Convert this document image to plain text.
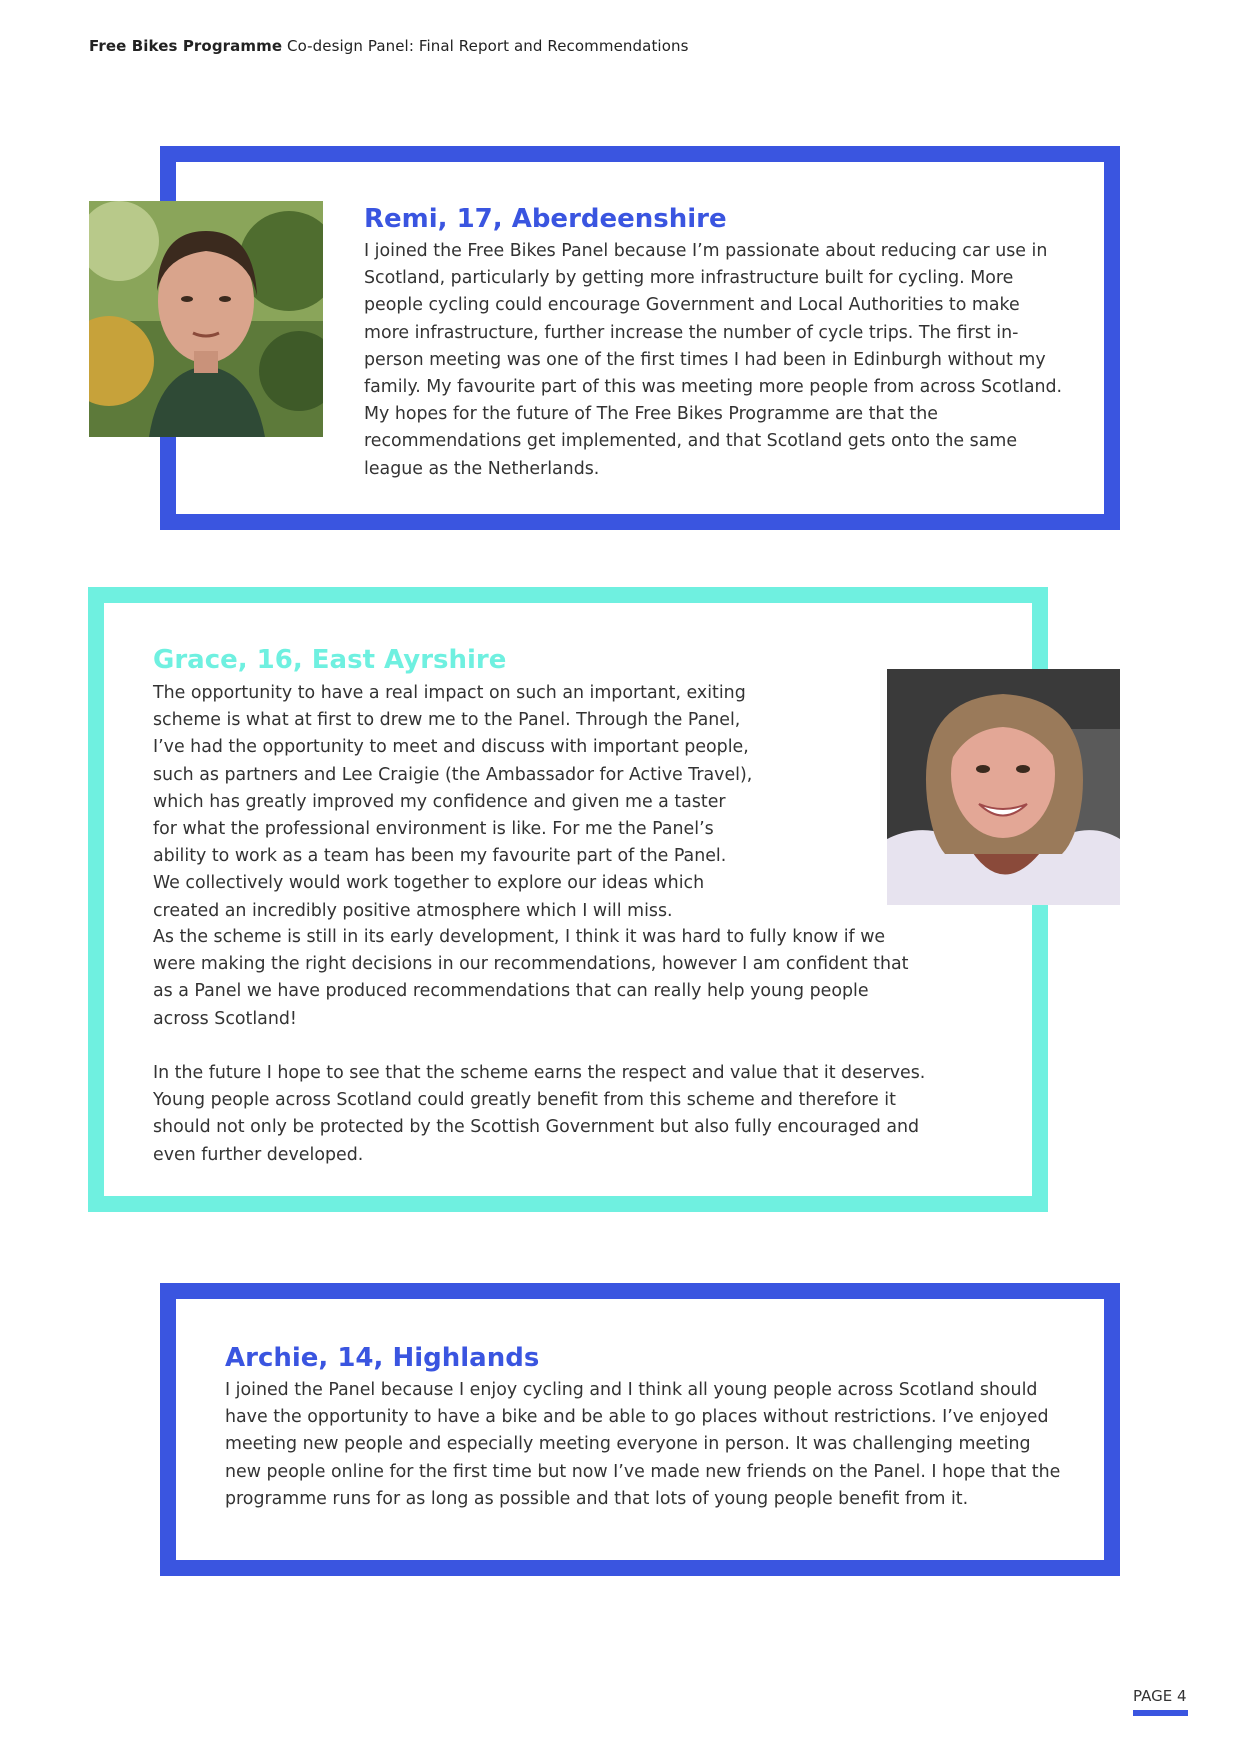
Free Bikes Programme Co-design Panel: Final Report and Recommendations
Remi, 17, Aberdeenshire

I joined the Free Bikes Panel because I’m passionate about reducing car use in Scotland, particularly by getting more infrastructure built for cycling. More people cycling could encourage Government and Local Authorities to make more infrastructure, further increase the number of cycle trips. The first in-person meeting was one of the first times I had been in Edinburgh without my family. My favourite part of this was meeting more people from across Scotland. My hopes for the future of The Free Bikes Programme are that the recommendations get implemented, and that Scotland gets onto the same league as the Netherlands.

Grace, 16, East Ayrshire

The opportunity to have a real impact on such an important, exiting scheme is what at first to drew me to the Panel. Through the Panel, I’ve had the opportunity to meet and discuss with important people, such as partners and Lee Craigie (the Ambassador for Active Travel), which has greatly improved my confidence and given me a taster for what the professional environment is like. For me the Panel’s ability to work as a team has been my favourite part of the Panel. We collectively would work together to explore our ideas which created an incredibly positive atmosphere which I will miss.

As the scheme is still in its early development, I think it was hard to fully know if we were making the right decisions in our recommendations, however I am confident that as a Panel we have produced recommendations that can really help young people across Scotland!

In the future I hope to see that the scheme earns the respect and value that it deserves. Young people across Scotland could greatly benefit from this scheme and therefore it should not only be protected by the Scottish Government but also fully encouraged and even further developed.

Archie, 14, Highlands

I joined the Panel because I enjoy cycling and I think all young people across Scotland should have the opportunity to have a bike and be able to go places without restrictions. I’ve enjoyed meeting new people and especially meeting everyone in person. It was challenging meeting new people online for the first time but now I’ve made new friends on the Panel. I hope that the programme runs for as long as possible and that lots of young people benefit from it.

PAGE 4
